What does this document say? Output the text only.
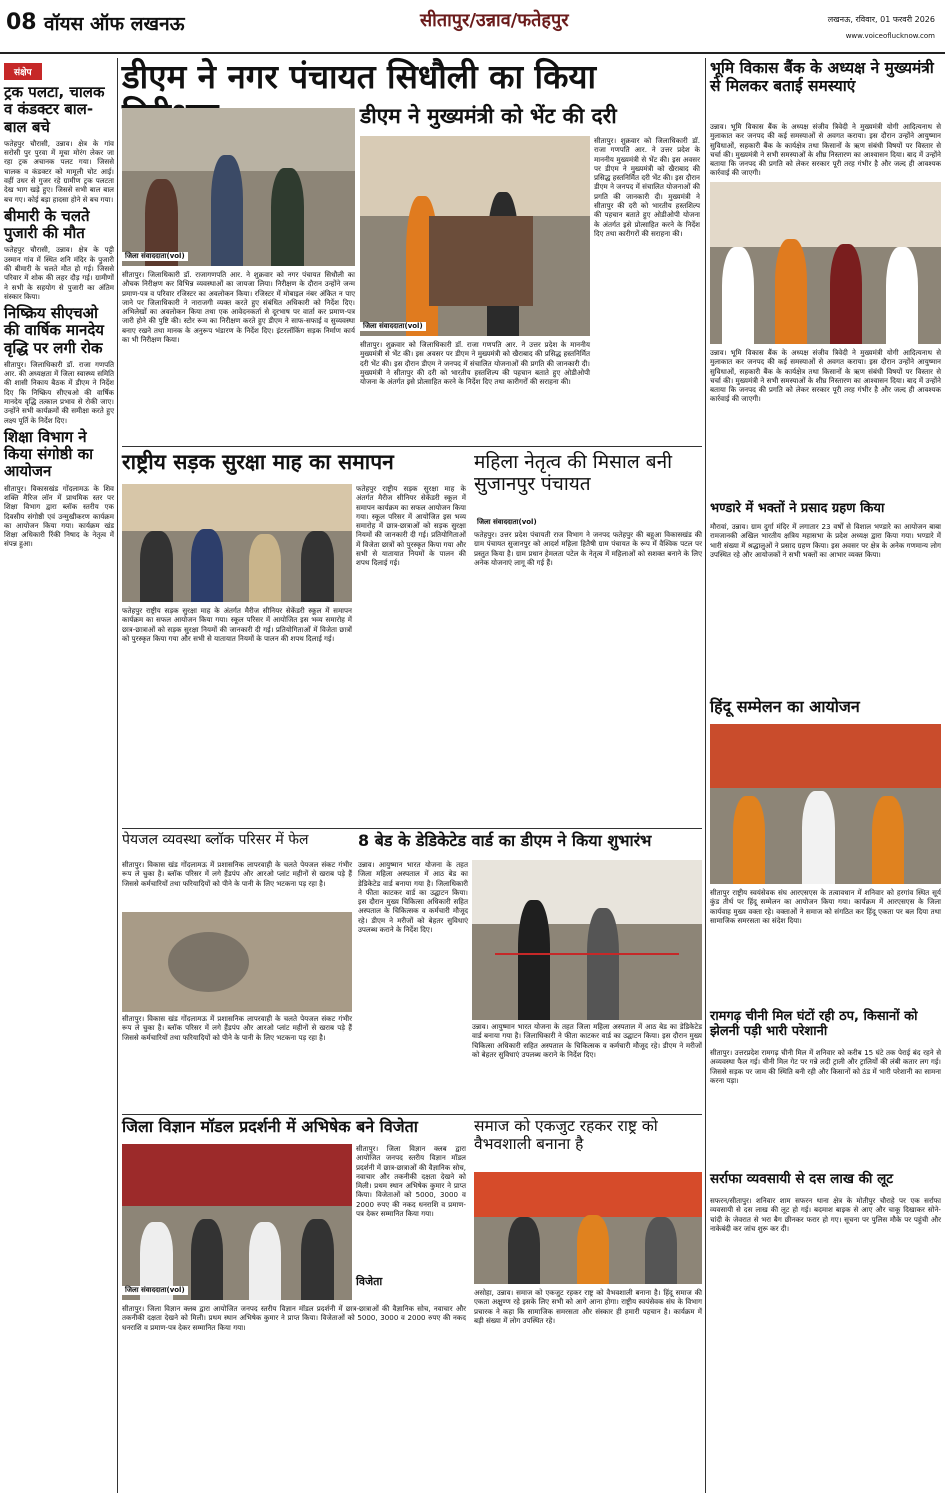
08 वॉयस ऑफ लखनऊ	सीतापुर/उन्नाव/फतेहपुर	लखनऊ, रविवार, 01 फरवरी 2026
www.voiceoflucknow.com
संक्षेप

ट्रक पलटा, चालक व कंडक्टर बाल-बाल बचे

फतेहपुर चौरासी, उन्नाव। क्षेत्र के गांव सरोसी पुर पुरवा में मूचा मोरंग लेकर जा रहा ट्रक अचानक पलट गया। जिससे चालक व कंडक्टर को मामूली चोट आई। वहीं उधर से गुजर रहे ग्रामीण ट्रक पलटता देख भाग खड़े हुए। जिससे सभी बाल बाल बच गए। कोई बड़ा हादसा होने से बच गया।

बीमारी के चलते पुजारी की मौत

फतेहपुर चौरासी, उन्नाव। क्षेत्र के पट्टी उस्मान गांव में स्थित शनि मंदिर के पुजारी की बीमारी के चलते मौत हो गई। जिससे परिवार में शोक की लहर दौड़ गई। ग्रामीणों ने सभी के सहयोग से पुजारी का अंतिम संस्कार किया।

निष्क्रिय सीएचओ की वार्षिक मानदेय वृद्धि पर लगी रोक

सीतापुर। जिलाधिकारी डॉ. राजा गणपति आर. की अध्यक्षता में जिला स्वास्थ्य समिति की शासी निकाय बैठक में डीएम ने निर्देश दिए कि निष्क्रिय सीएचओ की वार्षिक मानदेय वृद्धि तत्काल प्रभाव से रोकी जाए। उन्होंने सभी कार्यक्रमों की समीक्षा करते हुए लक्ष्य पूर्ति के निर्देश दिए।

शिक्षा विभाग ने किया संगोष्ठी का आयोजन

सीतापुर। विकासखंड गोंदलामऊ के शिव शक्ति मैरिज लॉन में प्राथमिक स्तर पर शिक्षा विभाग द्वारा ब्लॉक स्तरीय एक दिवसीय संगोष्ठी एवं उन्मुखीकरण कार्यक्रम का आयोजन किया गया। कार्यक्रम खंड शिक्षा अधिकारी रिंकी निषाद के नेतृत्व में संपन्न हुआ।

डीएम ने नगर पंचायत सिधौली का किया

जिला संवाददाता(vol)

सीतापुर। जिलाधिकारी डॉ. राजागणपति आर. ने शुक्रवार को नगर पंचायत सिधौली का औचक निरीक्षण कर विभिन्न व्यवस्थाओं का जायजा लिया। निरीक्षण के दौरान उन्होंने जन्म प्रमाण-पत्र व परिवार रजिस्टर का अवलोकन किया। रजिस्टर में मोबाइल नंबर अंकित न पाए जाने पर जिलाधिकारी ने नाराजगी व्यक्त करते हुए संबंधित अधिकारी को निर्देश दिए। अभिलेखों का अवलोकन किया तथा एक आवेदनकर्ता से दूरभाष पर वार्ता कर प्रमाण-पत्र जारी होने की पुष्टि की। स्टोर रूम का निरीक्षण करते हुए डीएम ने साफ-सफाई व सुव्यवस्था बनाए रखने तथा मानक के अनुरूप भंडारण के निर्देश दिए। इंटरलॉकिंग सड़क निर्माण कार्य का भी निरीक्षण किया।

डीएम ने मुख्यमंत्री को भेंट की दरी

जिला संवाददाता(vol)

सीतापुर। शुक्रवार को जिलाधिकारी डॉ. राजा गणपति आर. ने उत्तर प्रदेश के माननीय मुख्यमंत्री से भेंट की। इस अवसर पर डीएम ने मुख्यमंत्री को खैराबाद की प्रसिद्ध हस्तनिर्मित दरी भेंट की। इस दौरान डीएम ने जनपद में संचालित योजनाओं की प्रगति की जानकारी दी। मुख्यमंत्री ने सीतापुर की दरी को भारतीय हस्तशिल्प की पहचान बताते हुए ओडीओपी योजना के अंतर्गत इसे प्रोत्साहित करने के निर्देश दिए तथा कारीगरों की सराहना की।

सीतापुर। शुक्रवार को जिलाधिकारी डॉ. राजा गणपति आर. ने उत्तर प्रदेश के माननीय मुख्यमंत्री से भेंट की। इस अवसर पर डीएम ने मुख्यमंत्री को खैराबाद की प्रसिद्ध हस्तनिर्मित दरी भेंट की। इस दौरान डीएम ने जनपद में संचालित योजनाओं की प्रगति की जानकारी दी। मुख्यमंत्री ने सीतापुर की दरी को भारतीय हस्तशिल्प की पहचान बताते हुए ओडीओपी योजना के अंतर्गत इसे प्रोत्साहित करने के निर्देश दिए तथा कारीगरों की सराहना की।

भूमि विकास बैंक के अध्यक्ष ने मुख्यमंत्री से मिलकर बताई समस्याएं

उन्नाव। भूमि विकास बैंक के अध्यक्ष संजीव त्रिवेदी ने मुख्यमंत्री योगी आदित्यनाथ से मुलाकात कर जनपद की कई समस्याओं से अवगत कराया। इस दौरान उन्होंने आयुष्मान सुविधाओं, सहकारी बैंक के कार्यक्षेत्र तथा किसानों के ऋण संबंधी विषयों पर विस्तार से चर्चा की। मुख्यमंत्री ने सभी समस्याओं के शीघ्र निस्तारण का आश्वासन दिया। बाद में उन्होंने बताया कि जनपद की प्रगति को लेकर सरकार पूरी तरह गंभीर है और जल्द ही आवश्यक कार्रवाई की जाएगी।

उन्नाव। भूमि विकास बैंक के अध्यक्ष संजीव त्रिवेदी ने मुख्यमंत्री योगी आदित्यनाथ से मुलाकात कर जनपद की कई समस्याओं से अवगत कराया। इस दौरान उन्होंने आयुष्मान सुविधाओं, सहकारी बैंक के कार्यक्षेत्र तथा किसानों के ऋण संबंधी विषयों पर विस्तार से चर्चा की। मुख्यमंत्री ने सभी समस्याओं के शीघ्र निस्तारण का आश्वासन दिया। बाद में उन्होंने बताया कि जनपद की प्रगति को लेकर सरकार पूरी तरह गंभीर है और जल्द ही आवश्यक कार्रवाई की जाएगी।

भण्डारे में भक्तों ने प्रसाद ग्रहण किया

मौरावां, उन्नाव। ग्राम दुर्गा मंदिर में लगातार 23 वर्षों से विशाल भण्डारे का आयोजन बाबा रामजानकी अखिल भारतीय क्षत्रिय महासभा के प्रदेश अध्यक्ष द्वारा किया गया। भण्डारे में भारी संख्या में श्रद्धालुओं ने प्रसाद ग्रहण किया। इस अवसर पर क्षेत्र के अनेक गणमान्य लोग उपस्थित रहे और आयोजकों ने सभी भक्तों का आभार व्यक्त किया।

हिंदू सम्मेलन का आयोजन

सीतापुर राष्ट्रीय स्वयंसेवक संघ आरएसएस के तत्वावधान में शनिवार को हरगांव स्थित सूर्य कुंड तीर्थ पर हिंदू सम्मेलन का आयोजन किया गया। कार्यक्रम में आरएसएस के जिला कार्यवाह मुख्य वक्ता रहे। वक्ताओं ने समाज को संगठित कर हिंदू एकता पर बल दिया तथा सामाजिक समरसता का संदेश दिया।

रामगढ़ चीनी मिल घंटों रही ठप, किसानों को झेलनी पड़ी भारी परेशानी

सीतापुर। उत्तरप्रदेश रामगढ़ चीनी मिल में शनिवार को करीब 15 घंटे तक पेराई बंद रहने से अव्यवस्था फैल गई। चीनी मिल गेट पर गन्ने लदी ट्राली और ट्रालियों की लंबी कतार लग गई। जिससे सड़क पर जाम की स्थिति बनी रही और किसानों को ठंड में भारी परेशानी का सामना करना पड़ा।

सर्राफा व्यवसायी से दस लाख की लूट

सफरन/सीतापुर। शनिवार शाम सफरन थाना क्षेत्र के मोतीपुर चौराहे पर एक सर्राफा व्यवसायी से दस लाख की लूट हो गई। बदमाश बाइक से आए और चाकू दिखाकर सोने-चांदी के जेवरात से भरा बैग छीनकर फरार हो गए। सूचना पर पुलिस मौके पर पहुंची और नाकेबंदी कर जांच शुरू कर दी।

राष्ट्रीय सड़क सुरक्षा माह का समापन

फतेहपुर राष्ट्रीय सड़क सुरक्षा माह के अंतर्गत मैरीज सीनियर सेकेंडरी स्कूल में समापन कार्यक्रम का सफल आयोजन किया गया। स्कूल परिसर में आयोजित इस भव्य समारोह में छात्र-छात्राओं को सड़क सुरक्षा नियमों की जानकारी दी गई। प्रतियोगिताओं में विजेता छात्रों को पुरस्कृत किया गया और सभी से यातायात नियमों के पालन की शपथ दिलाई गई।

फतेहपुर राष्ट्रीय सड़क सुरक्षा माह के अंतर्गत मैरीज सीनियर सेकेंडरी स्कूल में समापन कार्यक्रम का सफल आयोजन किया गया। स्कूल परिसर में आयोजित इस भव्य समारोह में छात्र-छात्राओं को सड़क सुरक्षा नियमों की जानकारी दी गई। प्रतियोगिताओं में विजेता छात्रों को पुरस्कृत किया गया और सभी से यातायात नियमों के पालन की शपथ दिलाई गई।

महिला नेतृत्व की मिसाल बनी सुजानपुर पंचायत

जिला संवाददाता(vol)

फतेहपुर। उत्तर प्रदेश पंचायती राज विभाग ने जनपद फतेहपुर की बहुआ विकासखंड की ग्राम पंचायत सुजानपुर को आदर्श महिला हितैषी ग्राम पंचायत के रूप में वैश्विक पटल पर प्रस्तुत किया है। ग्राम प्रधान हेमलता पटेल के नेतृत्व में महिलाओं को सशक्त बनाने के लिए अनेक योजनाएं लागू की गई हैं।

पेयजल व्यवस्था ब्लॉक परिसर में फेल

सीतापुर। विकास खंड गोंदलामऊ में प्रशासनिक लापरवाही के चलते पेयजल संकट गंभीर रूप ले चुका है। ब्लॉक परिसर में लगे हैंडपंप और आरओ प्लांट महीनों से खराब पड़े हैं जिससे कर्मचारियों तथा फरियादियों को पीने के पानी के लिए भटकना पड़ रहा है।

सीतापुर। विकास खंड गोंदलामऊ में प्रशासनिक लापरवाही के चलते पेयजल संकट गंभीर रूप ले चुका है। ब्लॉक परिसर में लगे हैंडपंप और आरओ प्लांट महीनों से खराब पड़े हैं जिससे कर्मचारियों तथा फरियादियों को पीने के पानी के लिए भटकना पड़ रहा है।

8 बेड के डेडिकेटेड वार्ड का डीएम ने किया शुभारंभ

उन्नाव। आयुष्मान भारत योजना के तहत जिला महिला अस्पताल में आठ बेड का डेडिकेटेड वार्ड बनाया गया है। जिलाधिकारी ने फीता काटकर वार्ड का उद्घाटन किया। इस दौरान मुख्य चिकित्सा अधिकारी सहित अस्पताल के चिकित्सक व कर्मचारी मौजूद रहे। डीएम ने मरीजों को बेहतर सुविधाएं उपलब्ध कराने के निर्देश दिए।

उन्नाव। आयुष्मान भारत योजना के तहत जिला महिला अस्पताल में आठ बेड का डेडिकेटेड वार्ड बनाया गया है। जिलाधिकारी ने फीता काटकर वार्ड का उद्घाटन किया। इस दौरान मुख्य चिकित्सा अधिकारी सहित अस्पताल के चिकित्सक व कर्मचारी मौजूद रहे। डीएम ने मरीजों को बेहतर सुविधाएं उपलब्ध कराने के निर्देश दिए।

जिला विज्ञान मॉडल प्रदर्शनी में अभिषेक बने विजेता

जिला संवाददाता(vol)

सीतापुर। जिला विज्ञान क्लब द्वारा आयोजित जनपद स्तरीय विज्ञान मॉडल प्रदर्शनी में छात्र-छात्राओं की वैज्ञानिक सोच, नवाचार और तकनीकी दक्षता देखने को मिली। प्रथम स्थान अभिषेक कुमार ने प्राप्त किया। विजेताओं को 5000, 3000 व 2000 रुपए की नकद धनराशि व प्रमाण-पत्र देकर सम्मानित किया गया।

विजेता

सीतापुर। जिला विज्ञान क्लब द्वारा आयोजित जनपद स्तरीय विज्ञान मॉडल प्रदर्शनी में छात्र-छात्राओं की वैज्ञानिक सोच, नवाचार और तकनीकी दक्षता देखने को मिली। प्रथम स्थान अभिषेक कुमार ने प्राप्त किया। विजेताओं को 5000, 3000 व 2000 रुपए की नकद धनराशि व प्रमाण-पत्र देकर सम्मानित किया गया।

समाज को एकजुट रहकर राष्ट्र को वैभवशाली बनाना है

असोहा, उन्नाव। समाज को एकजुट रहकर राष्ट्र को वैभवशाली बनाना है। हिंदू समाज की एकता अक्षुण्ण रहे इसके लिए सभी को आगे आना होगा। राष्ट्रीय स्वयंसेवक संघ के विभाग प्रचारक ने कहा कि सामाजिक समरसता और संस्कार ही हमारी पहचान है। कार्यक्रम में बड़ी संख्या में लोग उपस्थित रहे।
